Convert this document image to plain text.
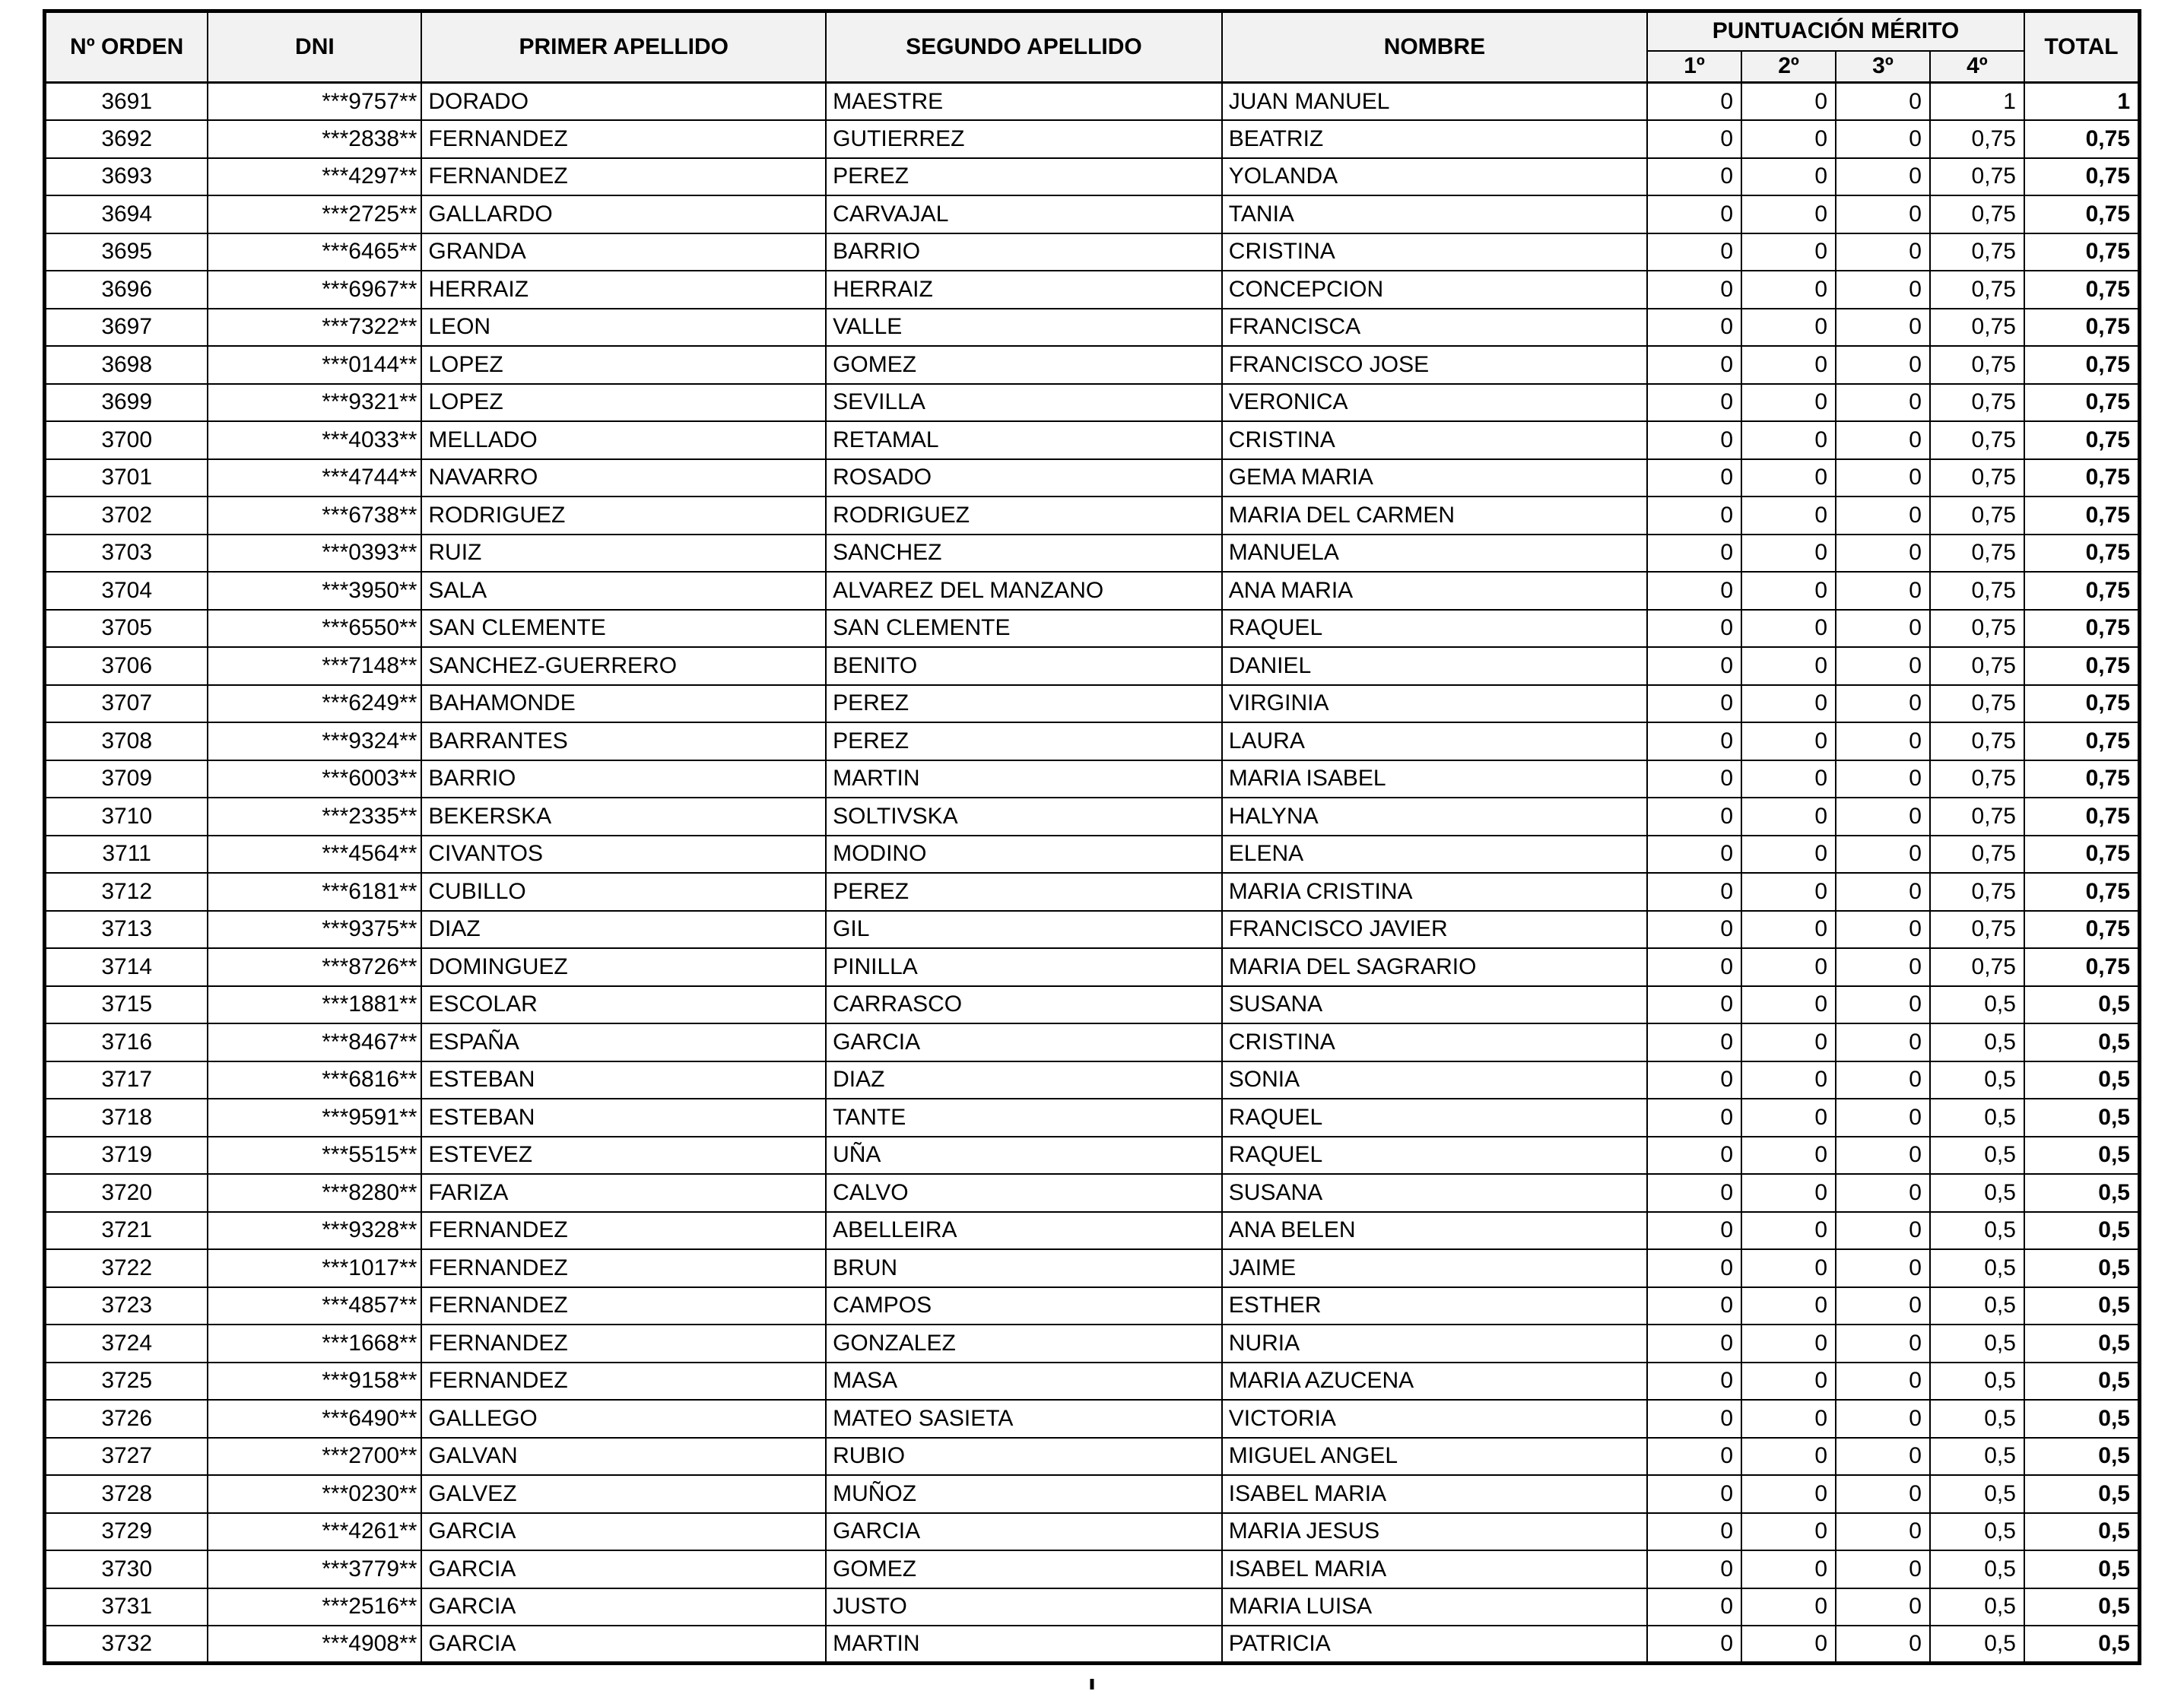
Nº ORDEN	DNI	PRIMER APELLIDO	SEGUNDO APELLIDO	NOMBRE	PUNTUACIÓN MÉRITO				TOTAL
					1º	2º	3º	4º	
3691	***9757**	DORADO	MAESTRE	JUAN MANUEL	0	0	0	1	1
3692	***2838**	FERNANDEZ	GUTIERREZ	BEATRIZ	0	0	0	0,75	0,75
3693	***4297**	FERNANDEZ	PEREZ	YOLANDA	0	0	0	0,75	0,75
3694	***2725**	GALLARDO	CARVAJAL	TANIA	0	0	0	0,75	0,75
3695	***6465**	GRANDA	BARRIO	CRISTINA	0	0	0	0,75	0,75
3696	***6967**	HERRAIZ	HERRAIZ	CONCEPCION	0	0	0	0,75	0,75
3697	***7322**	LEON	VALLE	FRANCISCA	0	0	0	0,75	0,75
3698	***0144**	LOPEZ	GOMEZ	FRANCISCO JOSE	0	0	0	0,75	0,75
3699	***9321**	LOPEZ	SEVILLA	VERONICA	0	0	0	0,75	0,75
3700	***4033**	MELLADO	RETAMAL	CRISTINA	0	0	0	0,75	0,75
3701	***4744**	NAVARRO	ROSADO	GEMA MARIA	0	0	0	0,75	0,75
3702	***6738**	RODRIGUEZ	RODRIGUEZ	MARIA DEL CARMEN	0	0	0	0,75	0,75
3703	***0393**	RUIZ	SANCHEZ	MANUELA	0	0	0	0,75	0,75
3704	***3950**	SALA	ALVAREZ DEL MANZANO	ANA MARIA	0	0	0	0,75	0,75
3705	***6550**	SAN CLEMENTE	SAN CLEMENTE	RAQUEL	0	0	0	0,75	0,75
3706	***7148**	SANCHEZ-GUERRERO	BENITO	DANIEL	0	0	0	0,75	0,75
3707	***6249**	BAHAMONDE	PEREZ	VIRGINIA	0	0	0	0,75	0,75
3708	***9324**	BARRANTES	PEREZ	LAURA	0	0	0	0,75	0,75
3709	***6003**	BARRIO	MARTIN	MARIA ISABEL	0	0	0	0,75	0,75
3710	***2335**	BEKERSKA	SOLTIVSKA	HALYNA	0	0	0	0,75	0,75
3711	***4564**	CIVANTOS	MODINO	ELENA	0	0	0	0,75	0,75
3712	***6181**	CUBILLO	PEREZ	MARIA CRISTINA	0	0	0	0,75	0,75
3713	***9375**	DIAZ	GIL	FRANCISCO JAVIER	0	0	0	0,75	0,75
3714	***8726**	DOMINGUEZ	PINILLA	MARIA DEL SAGRARIO	0	0	0	0,75	0,75
3715	***1881**	ESCOLAR	CARRASCO	SUSANA	0	0	0	0,5	0,5
3716	***8467**	ESPAÑA	GARCIA	CRISTINA	0	0	0	0,5	0,5
3717	***6816**	ESTEBAN	DIAZ	SONIA	0	0	0	0,5	0,5
3718	***9591**	ESTEBAN	TANTE	RAQUEL	0	0	0	0,5	0,5
3719	***5515**	ESTEVEZ	UÑA	RAQUEL	0	0	0	0,5	0,5
3720	***8280**	FARIZA	CALVO	SUSANA	0	0	0	0,5	0,5
3721	***9328**	FERNANDEZ	ABELLEIRA	ANA BELEN	0	0	0	0,5	0,5
3722	***1017**	FERNANDEZ	BRUN	JAIME	0	0	0	0,5	0,5
3723	***4857**	FERNANDEZ	CAMPOS	ESTHER	0	0	0	0,5	0,5
3724	***1668**	FERNANDEZ	GONZALEZ	NURIA	0	0	0	0,5	0,5
3725	***9158**	FERNANDEZ	MASA	MARIA AZUCENA	0	0	0	0,5	0,5
3726	***6490**	GALLEGO	MATEO SASIETA	VICTORIA	0	0	0	0,5	0,5
3727	***2700**	GALVAN	RUBIO	MIGUEL ANGEL	0	0	0	0,5	0,5
3728	***0230**	GALVEZ	MUÑOZ	ISABEL MARIA	0	0	0	0,5	0,5
3729	***4261**	GARCIA	GARCIA	MARIA JESUS	0	0	0	0,5	0,5
3730	***3779**	GARCIA	GOMEZ	ISABEL MARIA	0	0	0	0,5	0,5
3731	***2516**	GARCIA	JUSTO	MARIA LUISA	0	0	0	0,5	0,5
3732	***4908**	GARCIA	MARTIN	PATRICIA	0	0	0	0,5	0,5
